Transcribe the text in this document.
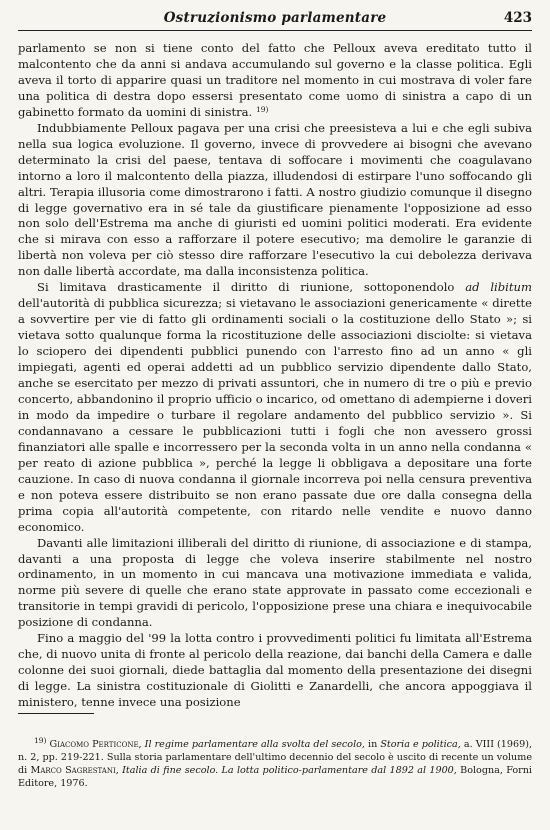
Ostruzionismo parlamentare	423

parlamento se non si tiene conto del fatto che Pelloux aveva ereditato tutto il malcontento che da anni si andava accumulando sul governo e la classe politica. Egli aveva il torto di apparire quasi un traditore nel momento in cui mostrava di voler fare una politica di destra dopo essersi presentato come uomo di sinistra a capo di un gabinetto formato da uomini di sinistra. $^{19)}$

Indubbiamente Pelloux pagava per una crisi che preesisteva a lui e che egli subiva nella sua logica evoluzione. Il governo, invece di provvedere ai bisogni che avevano determinato la crisi del paese, tentava di soffocare i movimenti che coagulavano intorno a loro il malcontento della piazza, illudendosi di estirpare l'uno soffocando gli altri. Terapia illusoria come dimostrarono i fatti. A nostro giudizio comunque il disegno di legge governativo era in sé tale da giustificare pienamente l'opposizione ad esso non solo dell'Estrema ma anche di giuristi ed uomini politici moderati. Era evidente che si mirava con esso a rafforzare il potere esecutivo; ma demolire le garanzie di libertà non voleva per ciò stesso dire rafforzare l'esecutivo la cui debolezza derivava non dalle libertà accordate, ma dalla inconsistenza politica.

Si limitava drasticamente il diritto di riunione, sottoponendolo ad libitum dell'autorità di pubblica sicurezza; si vietavano le associazioni genericamente « dirette a sovvertire per vie di fatto gli ordinamenti sociali o la costituzione dello Stato »; si vietava sotto qualunque forma la ricostituzione delle associazioni disciolte: si vietava lo sciopero dei dipendenti pubblici punendo con l'arresto fino ad un anno « gli impiegati, agenti ed operai addetti ad un pubblico servizio dipendente dallo Stato, anche se esercitato per mezzo di privati assuntori, che in numero di tre o più e previo concerto, abbandonino il proprio ufficio o incarico, od omettano di adempierne i doveri in modo da impedire o turbare il regolare andamento del pubblico servizio ». Si condannavano a cessare le pubblicazioni tutti i fogli che non avessero grossi finanziatori alle spalle e incorressero per la seconda volta in un anno nella condanna « per reato di azione pubblica », perché la legge li obbligava a depositare una forte cauzione. In caso di nuova condanna il giornale incorreva poi nella censura preventiva e non poteva essere distribuito se non erano passate due ore dalla consegna della prima copia all'autorità competente, con ritardo nelle vendite e nuovo danno economico.

Davanti alle limitazioni illiberali del diritto di riunione, di associazione e di stampa, davanti a una proposta di legge che voleva inserire stabilmente nel nostro ordinamento, in un momento in cui mancava una motivazione immediata e valida, norme più severe di quelle che erano state approvate in passato come eccezionali e transitorie in tempi gravidi di pericolo, l'opposizione prese una chiara e inequivocabile posizione di condanna.

Fino a maggio del '99 la lotta contro i provvedimenti politici fu limitata all'Estrema che, di nuovo unita di fronte al pericolo della reazione, dai banchi della Camera e dalle colonne dei suoi giornali, diede battaglia dal momento della presentazione dei disegni di legge. La sinistra costituzionale di Giolitti e Zanardelli, che ancora appoggiava il ministero, tenne invece una posizione

$^{19)}$ Giacomo Perticone, Il regime parlamentare alla svolta del secolo, in Storia e politica, a. VIII (1969), n. 2, pp. 219-221. Sulla storia parlamentare dell'ultimo decennio del secolo è uscito di recente un volume di Marco Sagrestani, Italia di fine secolo. La lotta politico-parlamentare dal 1892 al 1900, Bologna, Forni Editore, 1976.
